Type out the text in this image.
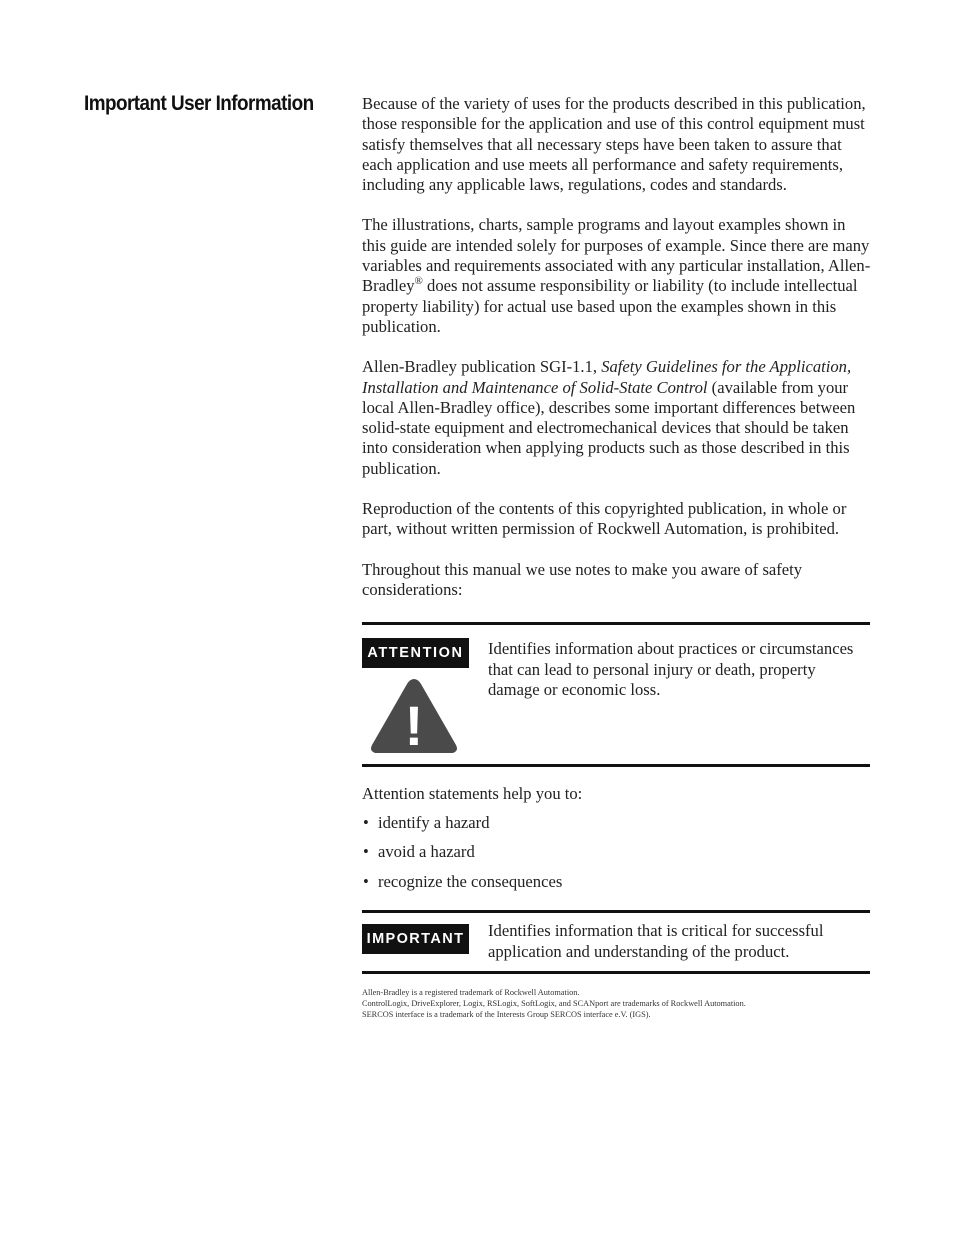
Important User Information	Because of the variety of uses for the products described in this publication, those responsible for the application and use of this control equipment must satisfy themselves that all necessary steps have been taken to assure that each application and use meets all performance and safety requirements, including any applicable laws, regulations, codes and standards.

The illustrations, charts, sample programs and layout examples shown in this guide are intended solely for purposes of example. Since there are many variables and requirements associated with any particular installation, Allen-Bradley® does not assume responsibility or liability (to include intellectual property liability) for actual use based upon the examples shown in this publication.

Allen-Bradley publication SGI-1.1, Safety Guidelines for the Application, Installation and Maintenance of Solid-State Control (available from your local Allen-Bradley office), describes some important differences between solid-state equipment and electromechanical devices that should be taken into consideration when applying products such as those described in this publication.

Reproduction of the contents of this copyrighted publication, in whole or part, without written permission of Rockwell Automation, is prohibited.

Throughout this manual we use notes to make you aware of safety considerations:

ATTENTION
!
Identifies information about practices or circumstances that can lead to personal injury or death, property damage or economic loss.

Attention statements help you to:

• identify a hazard
• avoid a hazard
• recognize the consequences
IMPORTANT Identifies information that is critical for successful application and understanding of the product.
Allen-Bradley is a registered trademark of Rockwell Automation.
ControlLogix, DriveExplorer, Logix, RSLogix, SoftLogix, and SCANport are trademarks of Rockwell Automation.
SERCOS interface is a trademark of the Interests Group SERCOS interface e.V. (IGS).
